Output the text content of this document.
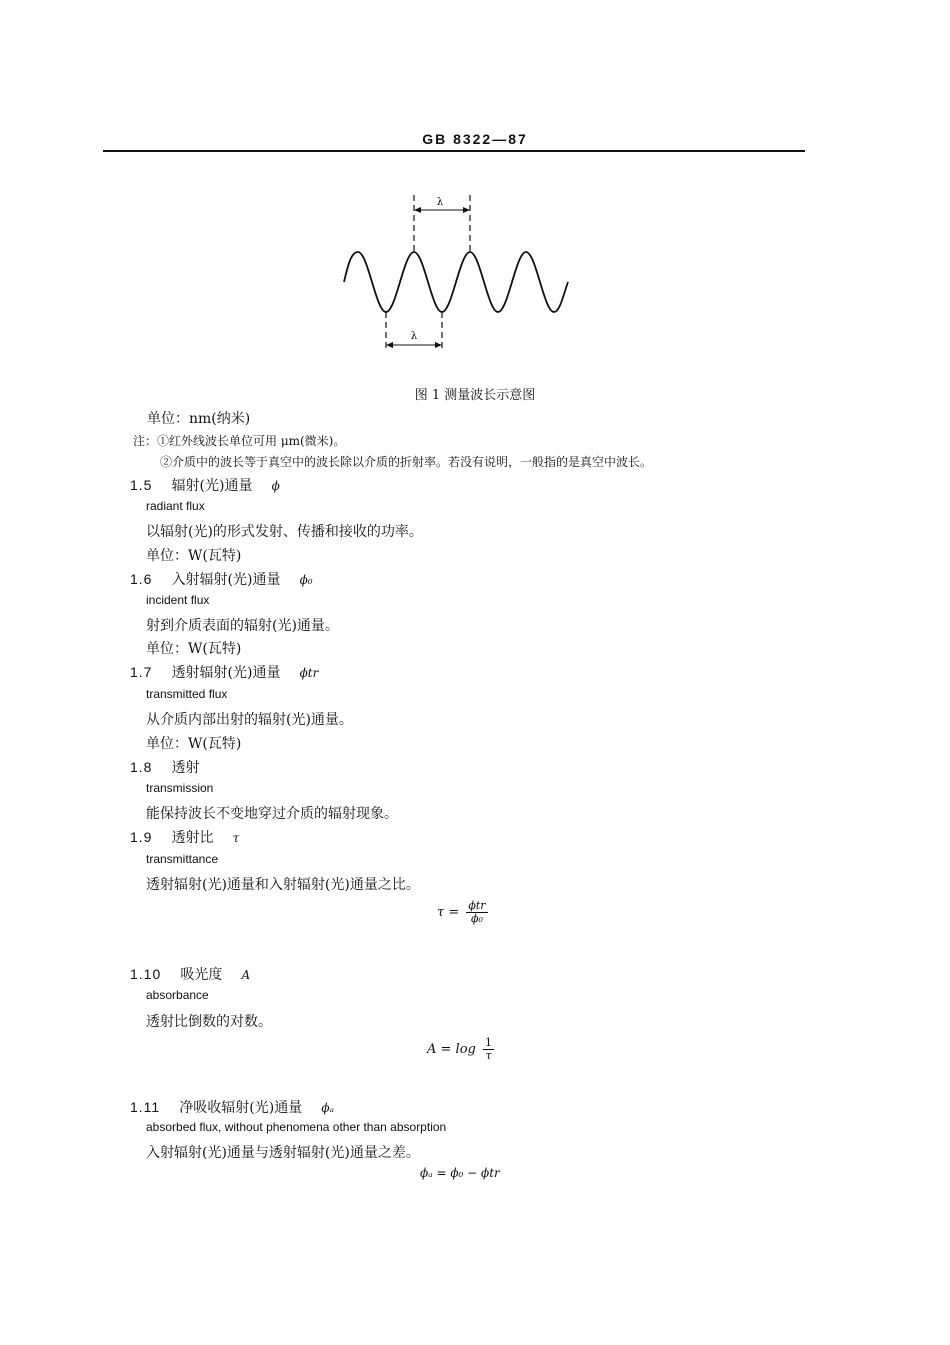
GB 8322—87
λ
λ
图 1 测量波长示意图
单位：nm(纳米)
注：①红外线波长单位可用 μm(微米)。
②介质中的波长等于真空中的波长除以介质的折射率。若没有说明，一般指的是真空中波长。
1.5 辐射(光)通量 ϕ
radiant flux
以辐射(光)的形式发射、传播和接收的功率。
单位：W(瓦特)
1.6 入射辐射(光)通量 ϕ₀
incident flux
射到介质表面的辐射(光)通量。
单位：W(瓦特)
1.7 透射辐射(光)通量 ϕtr
transmitted flux
从介质内部出射的辐射(光)通量。
单位：W(瓦特)
1.8 透射
transmission
能保持波长不变地穿过介质的辐射现象。
1.9 透射比 τ
transmittance
透射辐射(光)通量和入射辐射(光)通量之比。
$\tau = \frac{\text{ϕtr}}{\text{ϕ₀}}$
1.10 吸光度 A
absorbance
透射比倒数的对数。
$A = \log \frac{1}{\tau}$
1.11 净吸收辐射(光)通量 ϕₐ
absorbed flux, without phenomena other than absorption
入射辐射(光)通量与透射辐射(光)通量之差。
ϕₐ = ϕ₀ − ϕtr
